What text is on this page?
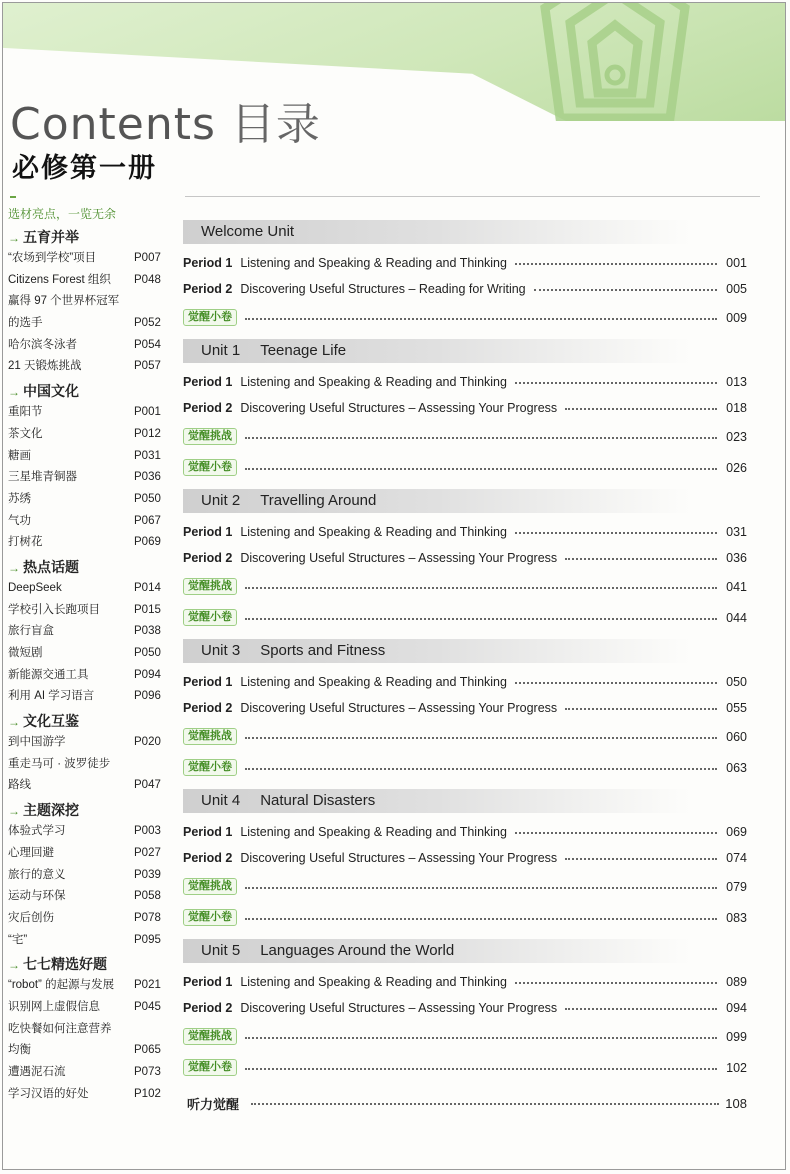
Contents 目录
必修第一册
选材亮点，一览无余
→ 五育并举
“农场到学校”项目	P007
Citizens Forest 组织 P048
赢得 97 个世界杯冠军
的选手	P052
哈尔滨冬泳者	P054
21 天锻炼挑战	P057
→ 中国文化
重阳节	P001
茶文化	P012
糖画	P031
三星堆青铜器	P036
苏绣	P050
气功	P067
打树花	P069
→ 热点话题
DeepSeek	P014
学校引入长跑项目	P015
旅行盲盒	P038
微短剧	P050
新能源交通工具	P094
利用 AI 学习语言	P096
→ 文化互鉴
到中国游学	P020
重走马可 · 波罗徒步
路线	P047
→ 主题深挖
体验式学习	P003
心理回避	P027
旅行的意义	P039
运动与环保	P058
灾后创伤	P078
“宅”	P095
→ 七七精选好题
“robot” 的起源与发展 P021
识别网上虚假信息	P045
吃快餐如何注意营养
均衡	P065
遭遇泥石流	P073
学习汉语的好处	P102
Welcome Unit
Period 1 Listening and Speaking & Reading and Thinking	001
Period 2 Discovering Useful Structures – Reading for Writing	005
觉醒小卷	009
Unit 1 Teenage Life
Period 1 Listening and Speaking & Reading and Thinking	013
Period 2 Discovering Useful Structures – Assessing Your Progress	018
觉醒挑战	023
觉醒小卷	026
Unit 2 Travelling Around
Period 1 Listening and Speaking & Reading and Thinking	031
Period 2 Discovering Useful Structures – Assessing Your Progress	036
觉醒挑战	041
觉醒小卷	044
Unit 3 Sports and Fitness
Period 1 Listening and Speaking & Reading and Thinking	050
Period 2 Discovering Useful Structures – Assessing Your Progress	055
觉醒挑战	060
觉醒小卷	063
Unit 4 Natural Disasters
Period 1 Listening and Speaking & Reading and Thinking	069
Period 2 Discovering Useful Structures – Assessing Your Progress	074
觉醒挑战	079
觉醒小卷	083
Unit 5 Languages Around the World
Period 1 Listening and Speaking & Reading and Thinking	089
Period 2 Discovering Useful Structures – Assessing Your Progress	094
觉醒挑战	099
觉醒小卷	102
听力觉醒	108
